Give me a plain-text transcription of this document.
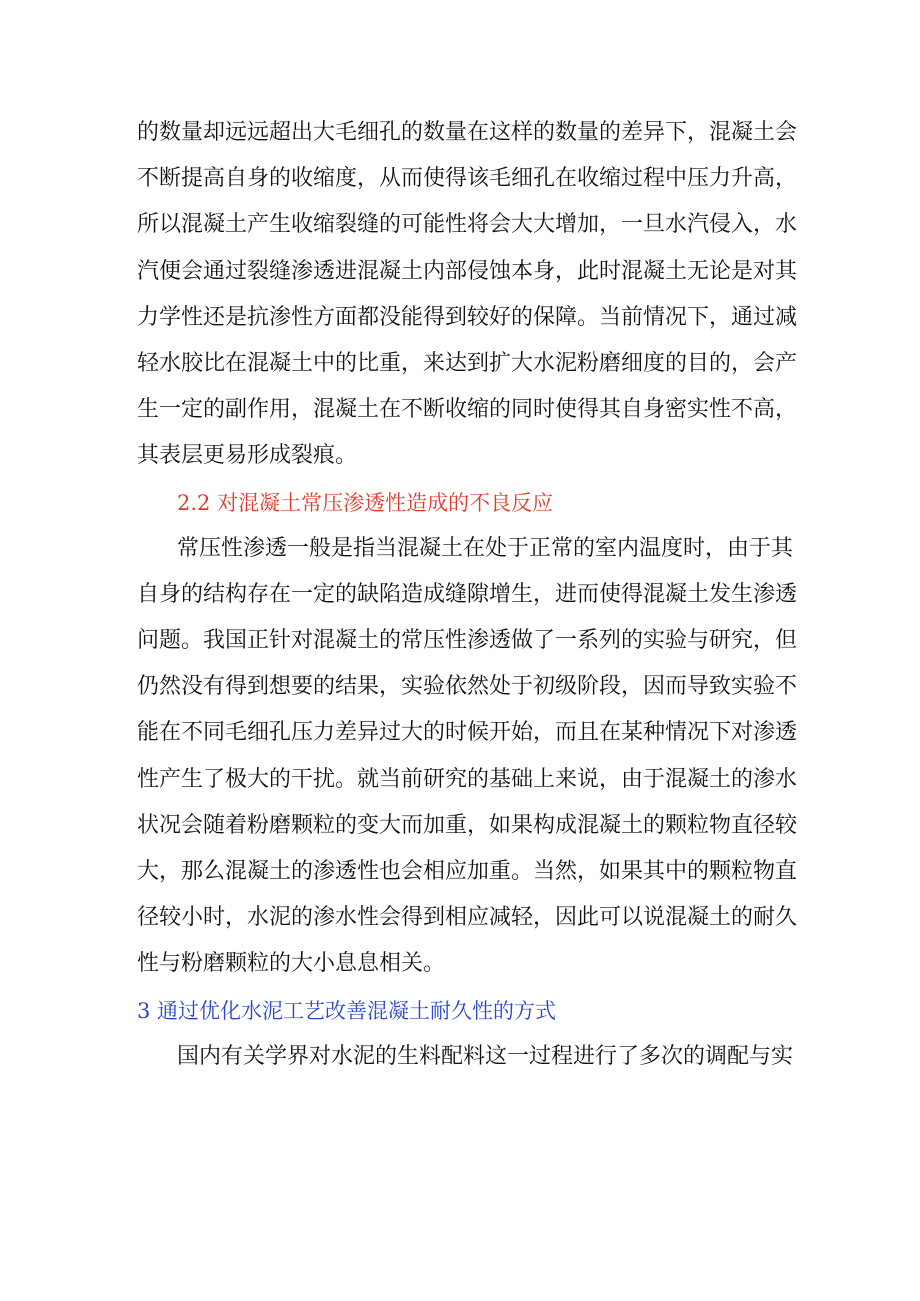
的数量却远远超出大毛细孔的数量在这样的数量的差异下，混凝土会
不断提高自身的收缩度，从而使得该毛细孔在收缩过程中压力升高，
所以混凝土产生收缩裂缝的可能性将会大大增加，一旦水汽侵入，水
汽便会通过裂缝渗透进混凝土内部侵蚀本身，此时混凝土无论是对其
力学性还是抗渗性方面都没能得到较好的保障。当前情况下，通过减
轻水胶比在混凝土中的比重，来达到扩大水泥粉磨细度的目的，会产
生一定的副作用，混凝土在不断收缩的同时使得其自身密实性不高，
其表层更易形成裂痕。
2.2 对混凝土常压渗透性造成的不良反应
常压性渗透一般是指当混凝土在处于正常的室内温度时，由于其
自身的结构存在一定的缺陷造成缝隙增生，进而使得混凝土发生渗透
问题。我国正针对混凝土的常压性渗透做了一系列的实验与研究，但
仍然没有得到想要的结果，实验依然处于初级阶段，因而导致实验不
能在不同毛细孔压力差异过大的时候开始，而且在某种情况下对渗透
性产生了极大的干扰。就当前研究的基础上来说，由于混凝土的渗水
状况会随着粉磨颗粒的变大而加重，如果构成混凝土的颗粒物直径较
大，那么混凝土的渗透性也会相应加重。当然，如果其中的颗粒物直
径较小时，水泥的渗水性会得到相应减轻，因此可以说混凝土的耐久
性与粉磨颗粒的大小息息相关。
3 通过优化水泥工艺改善混凝土耐久性的方式
国内有关学界对水泥的生料配料这一过程进行了多次的调配与实
